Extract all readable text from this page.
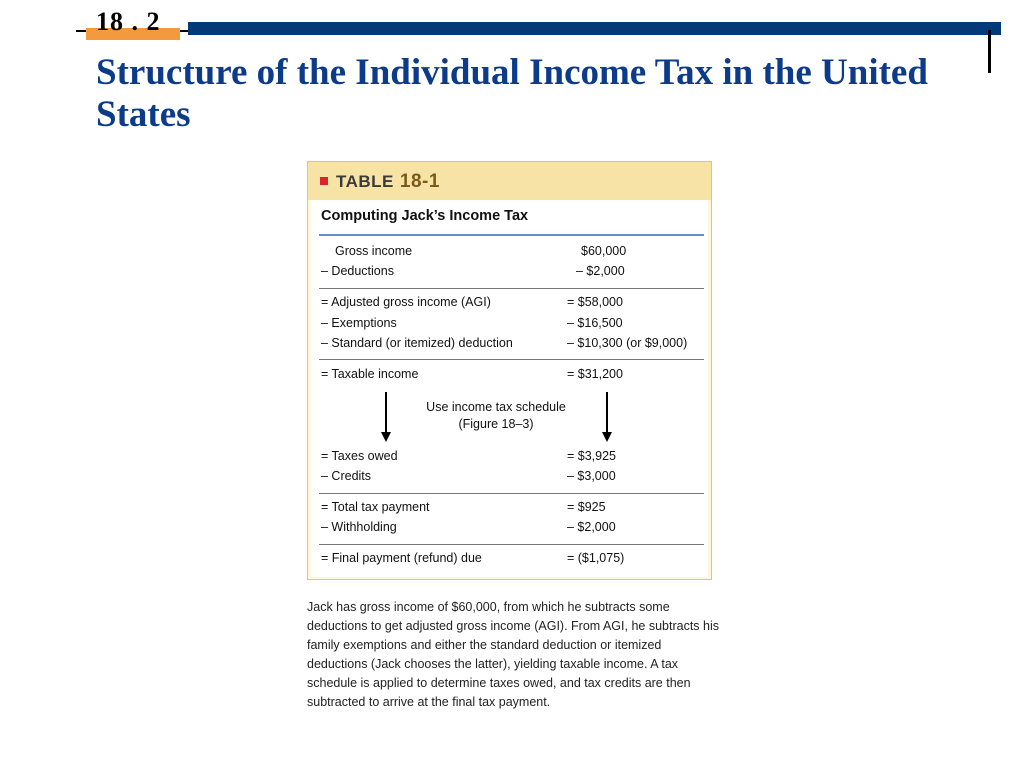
18 . 2
Structure of the Individual Income Tax in the United States
TABLE 18-1
Computing Jack’s Income Tax
Gross income	$60,000
– Deductions	– $2,000
= Adjusted gross income (AGI)	= $58,000
– Exemptions	– $16,500
– Standard (or itemized) deduction	– $10,300 (or $9,000)
= Taxable income	= $31,200
Use income tax schedule
(Figure 18–3)
= Taxes owed	= $3,925
– Credits	– $3,000
= Total tax payment	= $925
– Withholding	– $2,000
= Final payment (refund) due	= ($1,075)

Jack has gross income of $60,000, from which he subtracts some deductions to get adjusted gross income (AGI). From AGI, he subtracts his family exemptions and either the standard deduction or itemized deductions (Jack chooses the latter), yielding taxable income. A tax schedule is applied to determine taxes owed, and tax credits are then subtracted to arrive at the final tax payment.
